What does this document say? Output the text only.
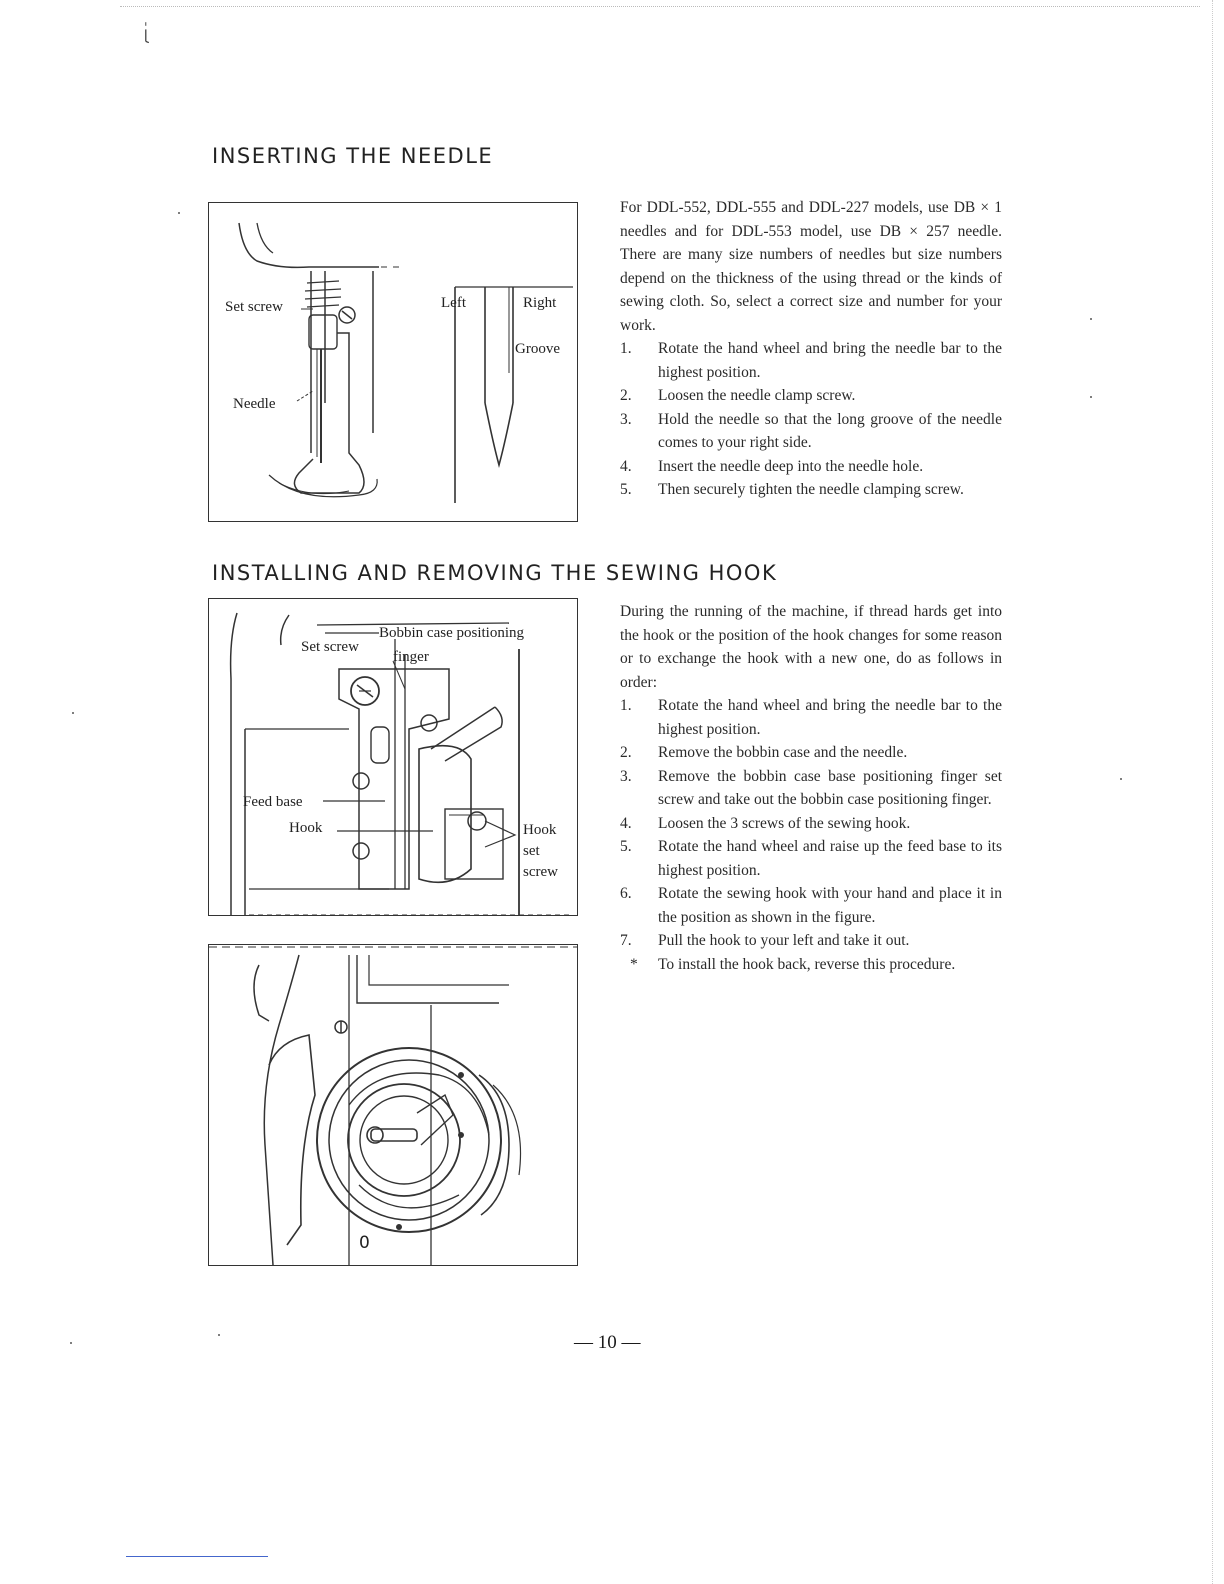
INSERTING THE NEEDLE
Set screw
Needle
Left	Right
Groove

For DDL-552, DDL-555 and DDL-227 models, use DB × 1 needles and for DDL-553 model, use DB × 257 needle. There are many size numbers of needles but size numbers depend on the thickness of the using thread or the kinds of sewing cloth. So, select a correct size and number for your work.

1. Rotate the hand wheel and bring the needle bar to the highest position.
2. Loosen the needle clamp screw.
3. Hold the needle so that the long groove of the needle comes to your right side.
4. Insert the needle deep into the needle hole.
5. Then securely tighten the needle clamping screw.
INSTALLING AND REMOVING THE SEWING HOOK
Bobbin case positioning
finger
Set screw
Feed base
Hook	Hook
set
screw
0

During the running of the machine, if thread hards get into the hook or the position of the hook changes for some reason or to exchange the hook with a new one, do as follows in order:

1. Rotate the hand wheel and bring the needle bar to the highest position.
2. Remove the bobbin case and the needle.
3. Remove the bobbin case base positioning finger set screw and take out the bobbin case positioning finger.
4. Loosen the 3 screws of the sewing hook.
5. Rotate the hand wheel and raise up the feed base to its highest position.
6. Rotate the sewing hook with your hand and place it in the position as shown in the figure.
7. Pull the hook to your left and take it out.
* To install the hook back, reverse this procedure.
— 10 —
